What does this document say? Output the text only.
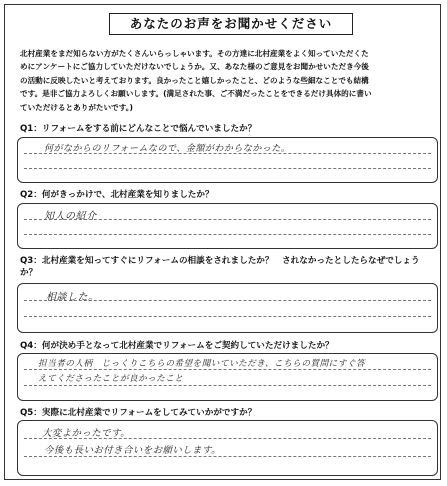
あなたのお声をお聞かせください
北村産業をまだ知らない方がたくさんいらっしゃいます。その方達に北村産業をよく知っていただくた
めにアンケートにご協力していただけないでしょうか。又、あなた様のご意見をお聞かせいただき今後
の活動に反映したいと考えております。良かったこと嬉しかったこと、どのような些細なことでも結構
です。是非ご協力よろしくお願いします。(満足された事、ご不満だったことをできるだけ具体的に書い
ていただけるとありがたいです。)
Q1：リフォームをする前にどんなことで悩んでいましたか？
何がなからのリフォームなので、金額がわからなかった。
Q2：何がきっかけで、北村産業を知りましたか？
知人の紹介
Q3：北村産業を知ってすぐにリフォームの相談をされましたか？　されなかったとしたらなぜでしょうか？
相談した。
Q4：何が決め手となって北村産業でリフォームをご契約していただけましたか？
担当者の人柄　じっくりこちらの希望を聞いていただき、こちらの質問にすぐ答
えてくださったことが良かったこと
Q5：実際に北村産業でリフォームをしてみていかがですか？
大変よかったです。
今後も長いお付き合いをお願いします。
